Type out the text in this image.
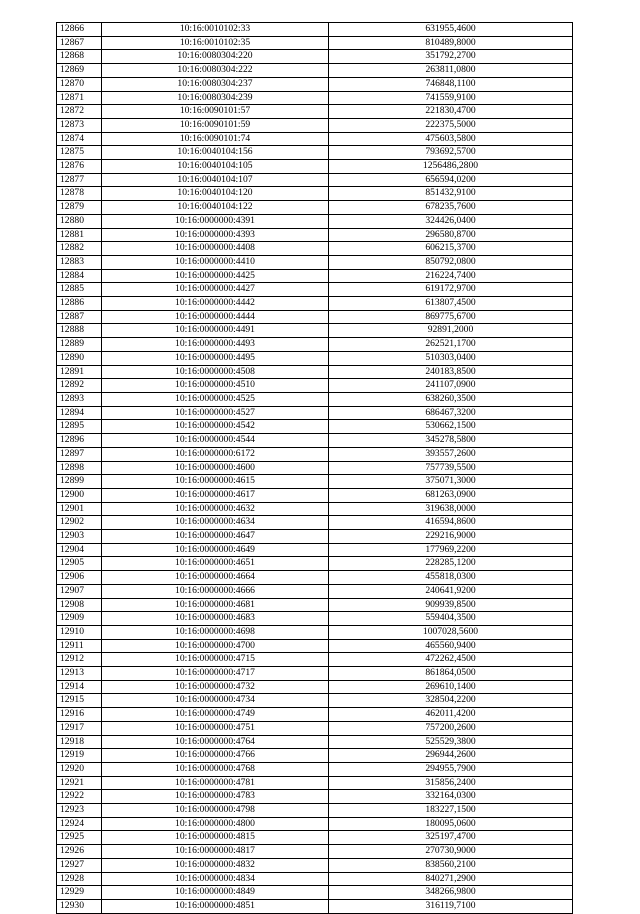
12866	10:16:0010102:33	631955,4600
12867	10:16:0010102:35	810489,8000
12868	10:16:0080304:220	351792,2700
12869	10:16:0080304:222	263811,0800
12870	10:16:0080304:237	746848,1100
12871	10:16:0080304:239	741559,9100
12872	10:16:0090101:57	221830,4700
12873	10:16:0090101:59	222375,5000
12874	10:16:0090101:74	475603,5800
12875	10:16:0040104:156	793692,5700
12876	10:16:0040104:105	1256486,2800
12877	10:16:0040104:107	656594,0200
12878	10:16:0040104:120	851432,9100
12879	10:16:0040104:122	678235,7600
12880	10:16:0000000:4391	324426,0400
12881	10:16:0000000:4393	296580,8700
12882	10:16:0000000:4408	606215,3700
12883	10:16:0000000:4410	850792,0800
12884	10:16:0000000:4425	216224,7400
12885	10:16:0000000:4427	619172,9700
12886	10:16:0000000:4442	613807,4500
12887	10:16:0000000:4444	869775,6700
12888	10:16:0000000:4491	92891,2000
12889	10:16:0000000:4493	262521,1700
12890	10:16:0000000:4495	510303,0400
12891	10:16:0000000:4508	240183,8500
12892	10:16:0000000:4510	241107,0900
12893	10:16:0000000:4525	638260,3500
12894	10:16:0000000:4527	686467,3200
12895	10:16:0000000:4542	530662,1500
12896	10:16:0000000:4544	345278,5800
12897	10:16:0000000:6172	393557,2600
12898	10:16:0000000:4600	757739,5500
12899	10:16:0000000:4615	375071,3000
12900	10:16:0000000:4617	681263,0900
12901	10:16:0000000:4632	319638,0000
12902	10:16:0000000:4634	416594,8600
12903	10:16:0000000:4647	229216,9000
12904	10:16:0000000:4649	177969,2200
12905	10:16:0000000:4651	228285,1200
12906	10:16:0000000:4664	455818,0300
12907	10:16:0000000:4666	240641,9200
12908	10:16:0000000:4681	909939,8500
12909	10:16:0000000:4683	559404,3500
12910	10:16:0000000:4698	1007028,5600
12911	10:16:0000000:4700	465560,9400
12912	10:16:0000000:4715	472262,4500
12913	10:16:0000000:4717	861864,0500
12914	10:16:0000000:4732	269610,1400
12915	10:16:0000000:4734	328504,2200
12916	10:16:0000000:4749	462011,4200
12917	10:16:0000000:4751	757200,2600
12918	10:16:0000000:4764	525529,3800
12919	10:16:0000000:4766	296944,2600
12920	10:16:0000000:4768	294955,7900
12921	10:16:0000000:4781	315856,2400
12922	10:16:0000000:4783	332164,0300
12923	10:16:0000000:4798	183227,1500
12924	10:16:0000000:4800	180095,0600
12925	10:16:0000000:4815	325197,4700
12926	10:16:0000000:4817	270730,9000
12927	10:16:0000000:4832	838560,2100
12928	10:16:0000000:4834	840271,2900
12929	10:16:0000000:4849	348266,9800
12930	10:16:0000000:4851	316119,7100
